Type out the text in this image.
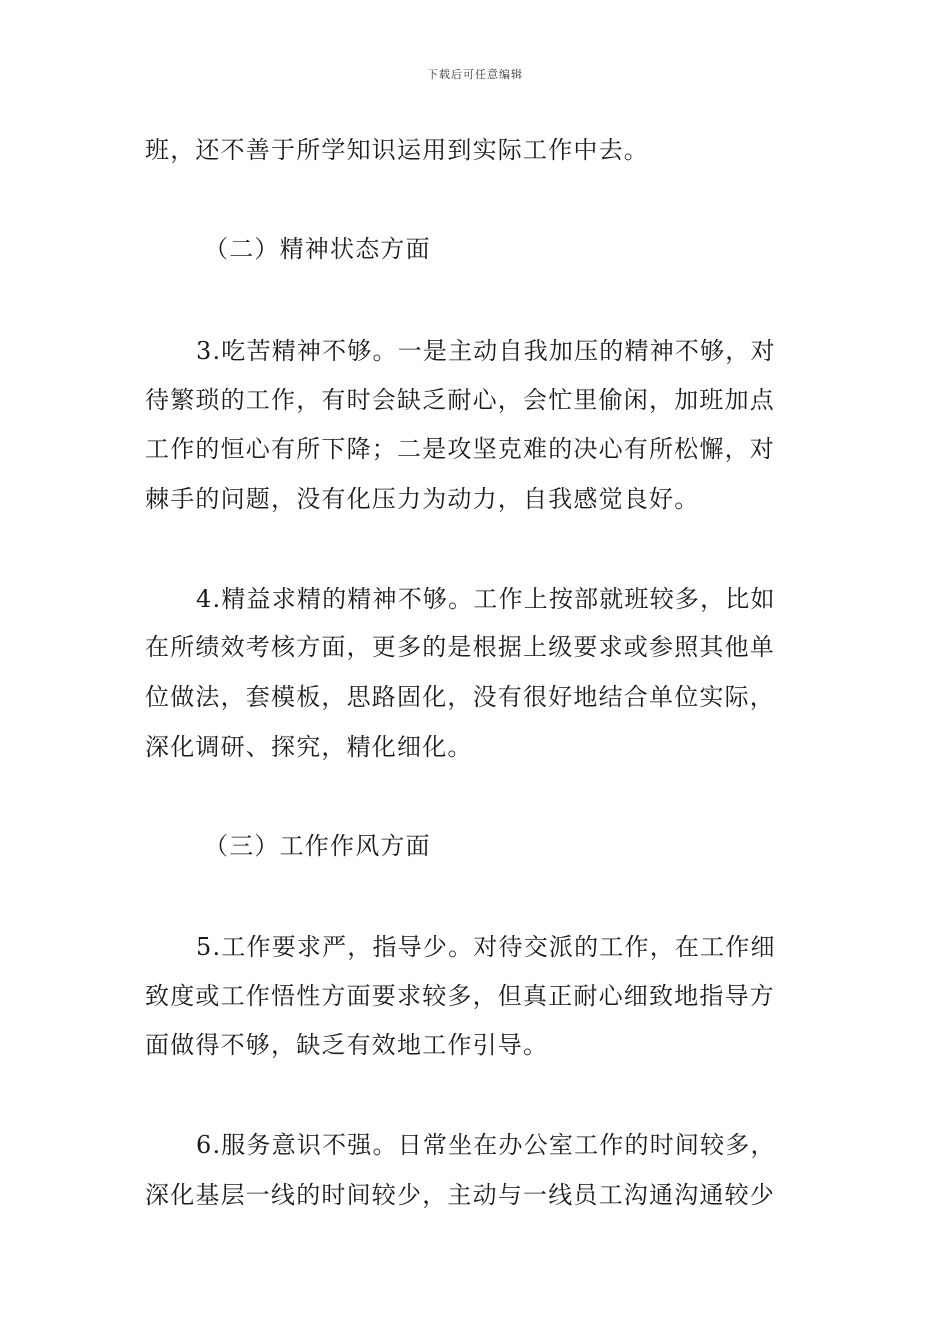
下载后可任意编辑
班，还不善于所学知识运用到实际工作中去。
（二）精神状态方面
3.吃苦精神不够。一是主动自我加压的精神不够，对
待繁琐的工作，有时会缺乏耐心，会忙里偷闲，加班加点
工作的恒心有所下降；二是攻坚克难的决心有所松懈，对
棘手的问题，没有化压力为动力，自我感觉良好。
4.精益求精的精神不够。工作上按部就班较多，比如
在所绩效考核方面，更多的是根据上级要求或参照其他单
位做法，套模板，思路固化，没有很好地结合单位实际，
深化调研、探究，精化细化。
（三）工作作风方面
5.工作要求严，指导少。对待交派的工作，在工作细
致度或工作悟性方面要求较多，但真正耐心细致地指导方
面做得不够，缺乏有效地工作引导。
6.服务意识不强。日常坐在办公室工作的时间较多，
深化基层一线的时间较少，主动与一线员工沟通沟通较少
